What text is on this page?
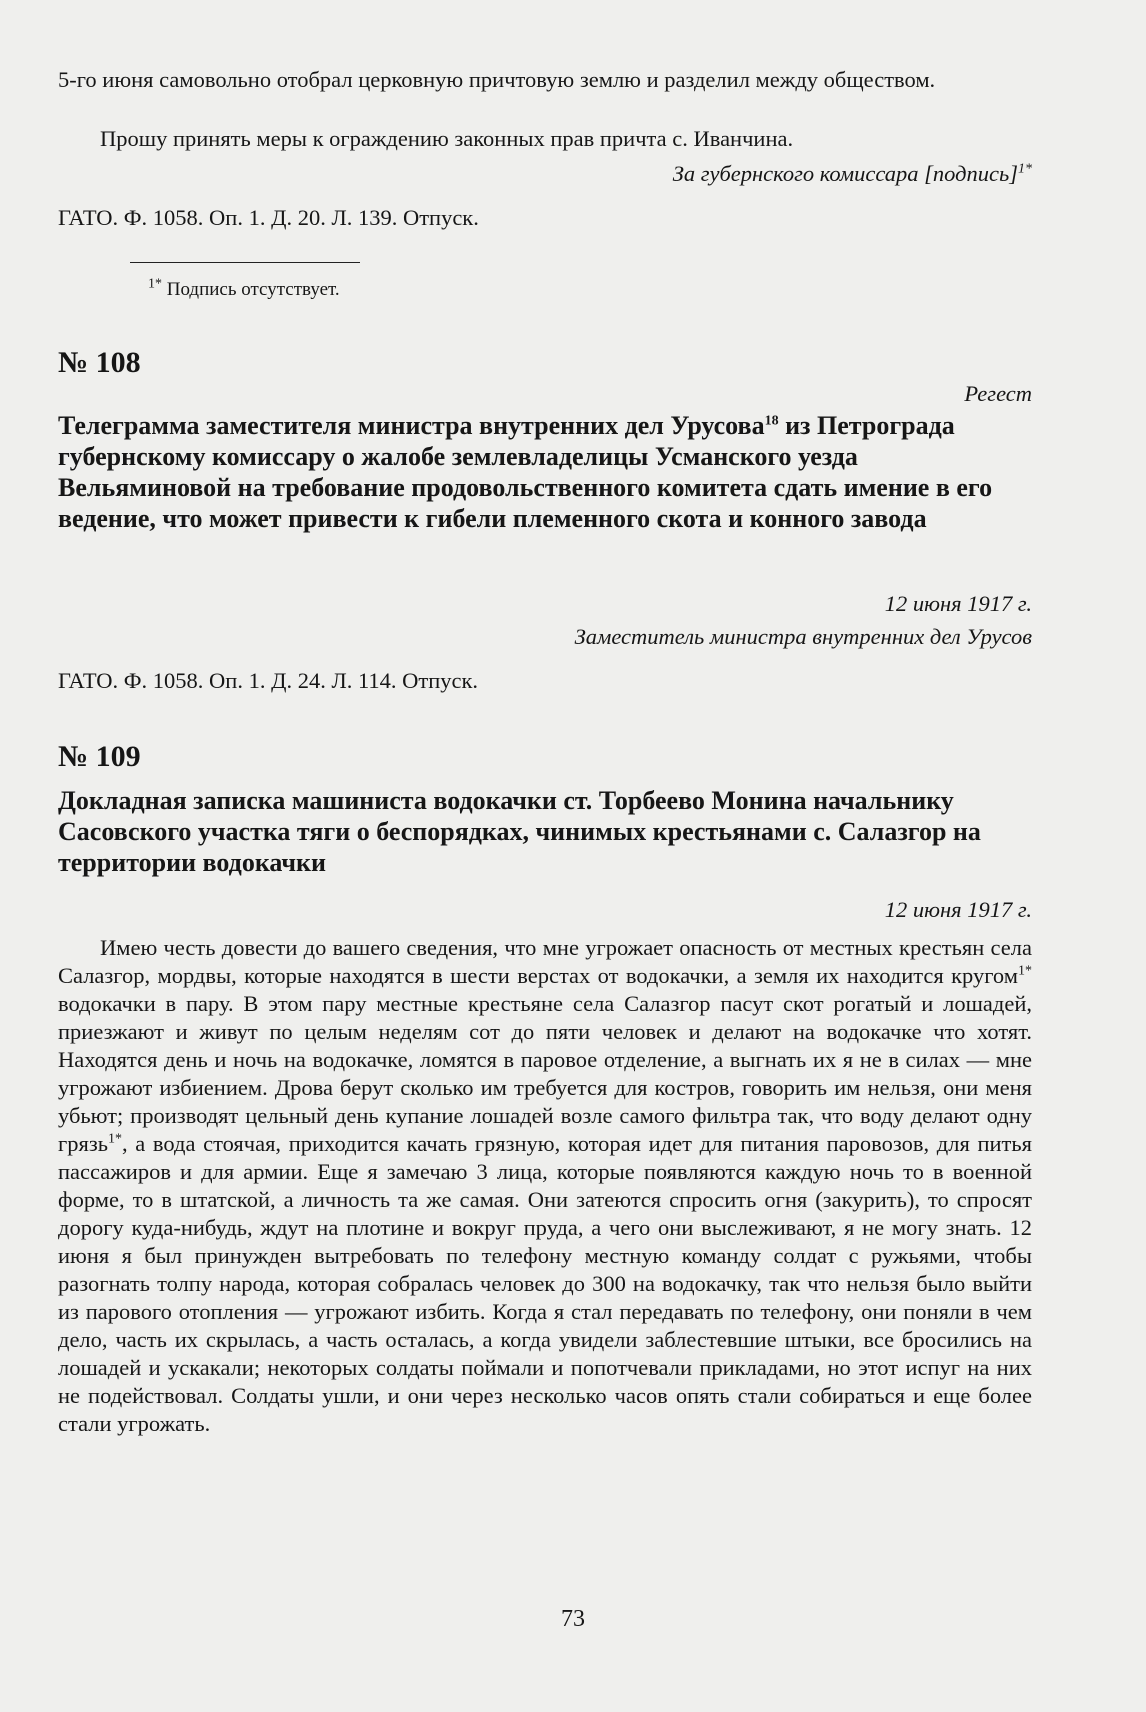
5-го июня самовольно отобрал церковную причтовую землю и разделил между обществом.

Прошу принять меры к ограждению законных прав причта с. Иванчина.

За губернского комиссара [подпись]$^{1*}$

ГАТО. Ф. 1058. Оп. 1. Д. 20. Л. 139. Отпуск.

$^{1*}$ Подпись отсутствует.

№ 108

Регест

Телеграмма заместителя министра внутренних дел Урусова$^{18}$ из Петрограда губернскому комиссару о жалобе землевладелицы Усманского уезда Вельяминовой на требование продовольственного комитета сдать имение в его ведение, что может привести к гибели племенного скота и конного завода

12 июня 1917 г.

Заместитель министра внутренних дел Урусов

ГАТО. Ф. 1058. Оп. 1. Д. 24. Л. 114. Отпуск.

№ 109

Докладная записка машиниста водокачки ст. Торбеево Монина начальнику Сасовского участка тяги о беспорядках, чинимых крестьянами с. Салазгор на территории водокачки

12 июня 1917 г.

Имею честь довести до вашего сведения, что мне угрожает опасность от местных крестьян села Салазгор, мордвы, которые находятся в шести верстах от водокачки, а земля их находится кругом$^{1*}$ водокачки в пару. В этом пару местные крестьяне села Салазгор пасут скот рогатый и лошадей, приезжают и живут по целым неделям сот до пяти человек и делают на водокачке что хотят. Находятся день и ночь на водокачке, ломятся в паровое отделение, а выгнать их я не в силах — мне угрожают избиением. Дрова берут сколько им требуется для костров, говорить им нельзя, они меня убьют; производят цельный день купание лошадей возле самого фильтра так, что воду делают одну грязь$^{1*}$, а вода стоячая, приходится качать грязную, которая идет для питания паровозов, для питья пассажиров и для армии. Еще я замечаю 3 лица, которые появляются каждую ночь то в военной форме, то в штатской, а личность та же самая. Они затеются спросить огня (закурить), то спросят дорогу куда-нибудь, ждут на плотине и вокруг пруда, а чего они выслеживают, я не могу знать. 12 июня я был принужден вытребовать по телефону местную команду солдат с ружьями, чтобы разогнать толпу народа, которая собралась человек до 300 на водокачку, так что нельзя было выйти из парового отопления — угрожают избить. Когда я стал передавать по телефону, они поняли в чем дело, часть их скрылась, а часть осталась, а когда увидели заблестевшие штыки, все бросились на лошадей и ускакали; некоторых солдаты поймали и попотчевали прикладами, но этот испуг на них не подействовал. Солдаты ушли, и они через несколько часов опять стали собираться и еще более стали угрожать.

73
